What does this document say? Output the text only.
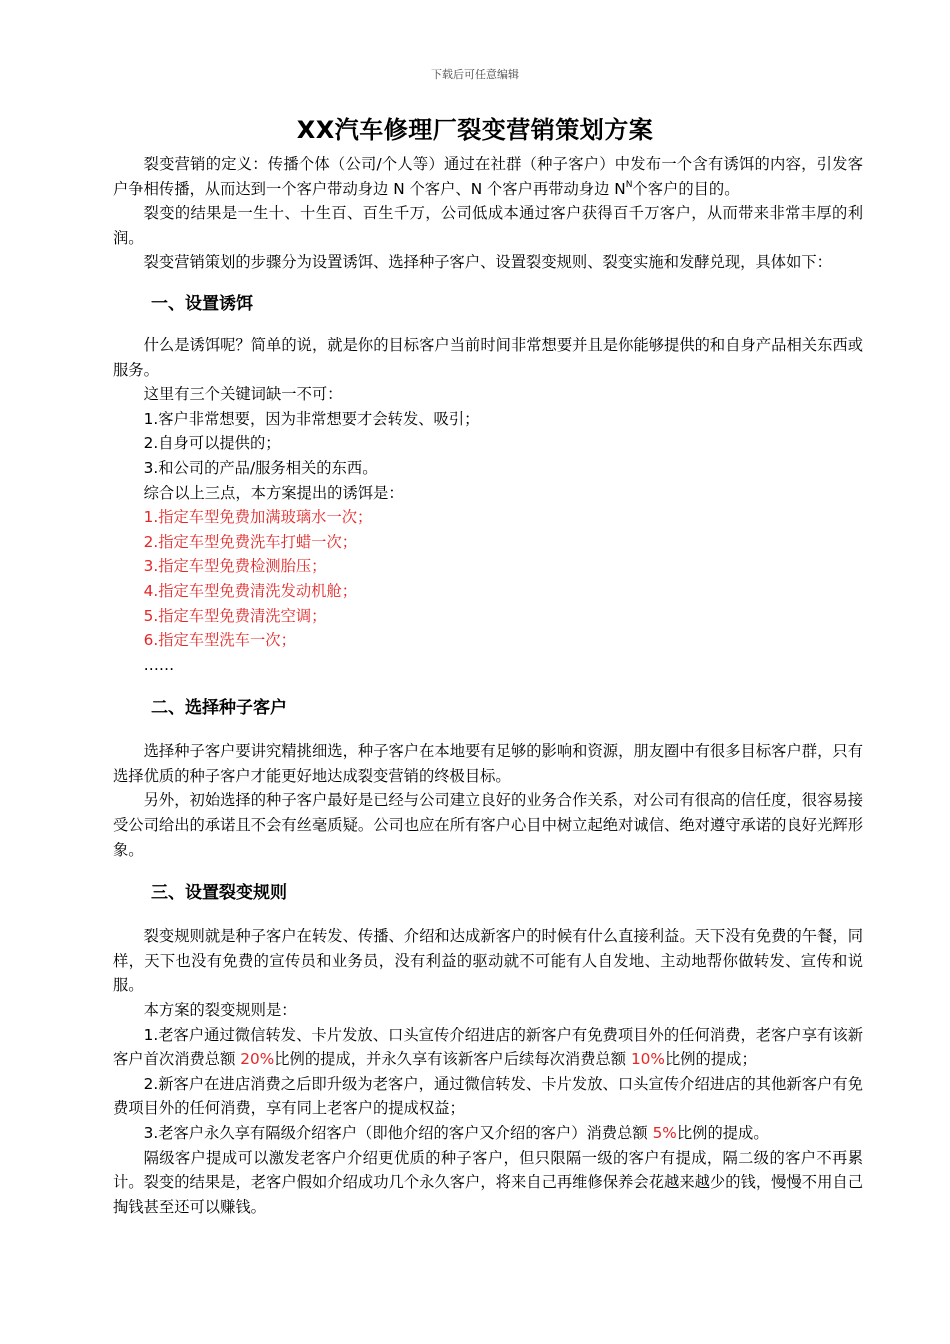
下载后可任意编辑
XX汽车修理厂裂变营销策划方案

裂变营销的定义：传播个体（公司/个人等）通过在社群（种子客户）中发布一个含有诱饵的内容，引发客户争相传播，从而达到一个客户带动身边 N 个客户、N 个客户再带动身边 $N^N$个客户的目的。

裂变的结果是一生十、十生百、百生千万，公司低成本通过客户获得百千万客户，从而带来非常丰厚的利润。

裂变营销策划的步骤分为设置诱饵、选择种子客户、设置裂变规则、裂变实施和发酵兑现，具体如下：

一、设置诱饵

什么是诱饵呢？简单的说，就是你的目标客户当前时间非常想要并且是你能够提供的和自身产品相关东西或服务。

这里有三个关键词缺一不可：

1.客户非常想要，因为非常想要才会转发、吸引；

2.自身可以提供的；

3.和公司的产品/服务相关的东西。

综合以上三点，本方案提出的诱饵是：

1.指定车型免费加满玻璃水一次；

2.指定车型免费洗车打蜡一次；

3.指定车型免费检测胎压；

4.指定车型免费清洗发动机舱；

5.指定车型免费清洗空调；

6.指定车型洗车一次；

……

二、选择种子客户

选择种子客户要讲究精挑细选，种子客户在本地要有足够的影响和资源，朋友圈中有很多目标客户群，只有选择优质的种子客户才能更好地达成裂变营销的终极目标。

另外，初始选择的种子客户最好是已经与公司建立良好的业务合作关系，对公司有很高的信任度，很容易接受公司给出的承诺且不会有丝毫质疑。公司也应在所有客户心目中树立起绝对诚信、绝对遵守承诺的良好光辉形象。

三、设置裂变规则

裂变规则就是种子客户在转发、传播、介绍和达成新客户的时候有什么直接利益。天下没有免费的午餐，同样，天下也没有免费的宣传员和业务员，没有利益的驱动就不可能有人自发地、主动地帮你做转发、宣传和说服。

本方案的裂变规则是：

1.老客户通过微信转发、卡片发放、口头宣传介绍进店的新客户有免费项目外的任何消费，老客户享有该新客户首次消费总额 20%比例的提成，并永久享有该新客户后续每次消费总额 10%比例的提成；

2.新客户在进店消费之后即升级为老客户，通过微信转发、卡片发放、口头宣传介绍进店的其他新客户有免费项目外的任何消费，享有同上老客户的提成权益；

3.老客户永久享有隔级介绍客户（即他介绍的客户又介绍的客户）消费总额 5%比例的提成。

隔级客户提成可以激发老客户介绍更优质的种子客户，但只限隔一级的客户有提成，隔二级的客户不再累计。裂变的结果是，老客户假如介绍成功几个永久客户，将来自己再维修保养会花越来越少的钱，慢慢不用自己掏钱甚至还可以赚钱。
